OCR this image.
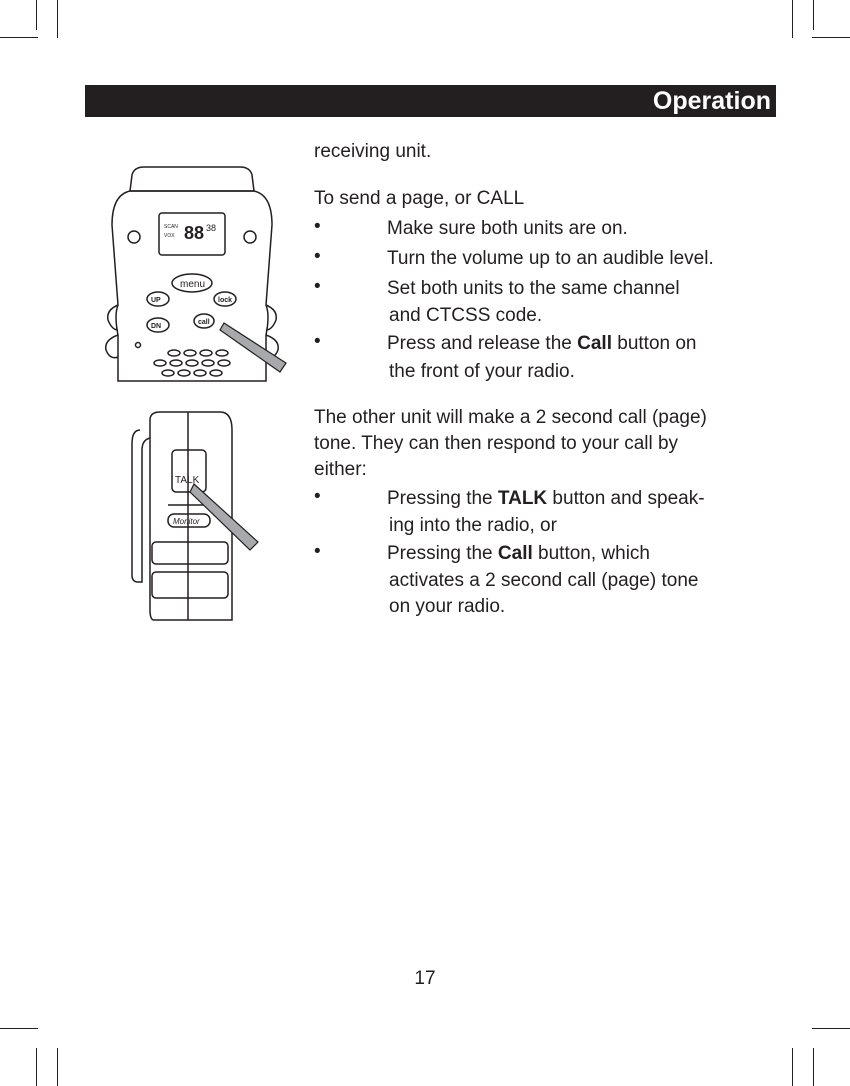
Operation
88
SCAN
VOX
38
menu
UP	lock
DN
call
TALK
Monitor
receiving unit.
To send a page, or CALL
•	Make sure both units are on.
•	Turn the volume up to an audible level.
•	Set both units to the same channel
and CTCSS code.
•	Press and release the Call button on
the front of your radio.
The other unit will make a 2 second call (page)
tone. They can then respond to your call by
either:
•	Pressing the TALK button and speak-
ing into the radio, or
•	Pressing the Call button, which
activates a 2 second call (page) tone
on your radio.
17
